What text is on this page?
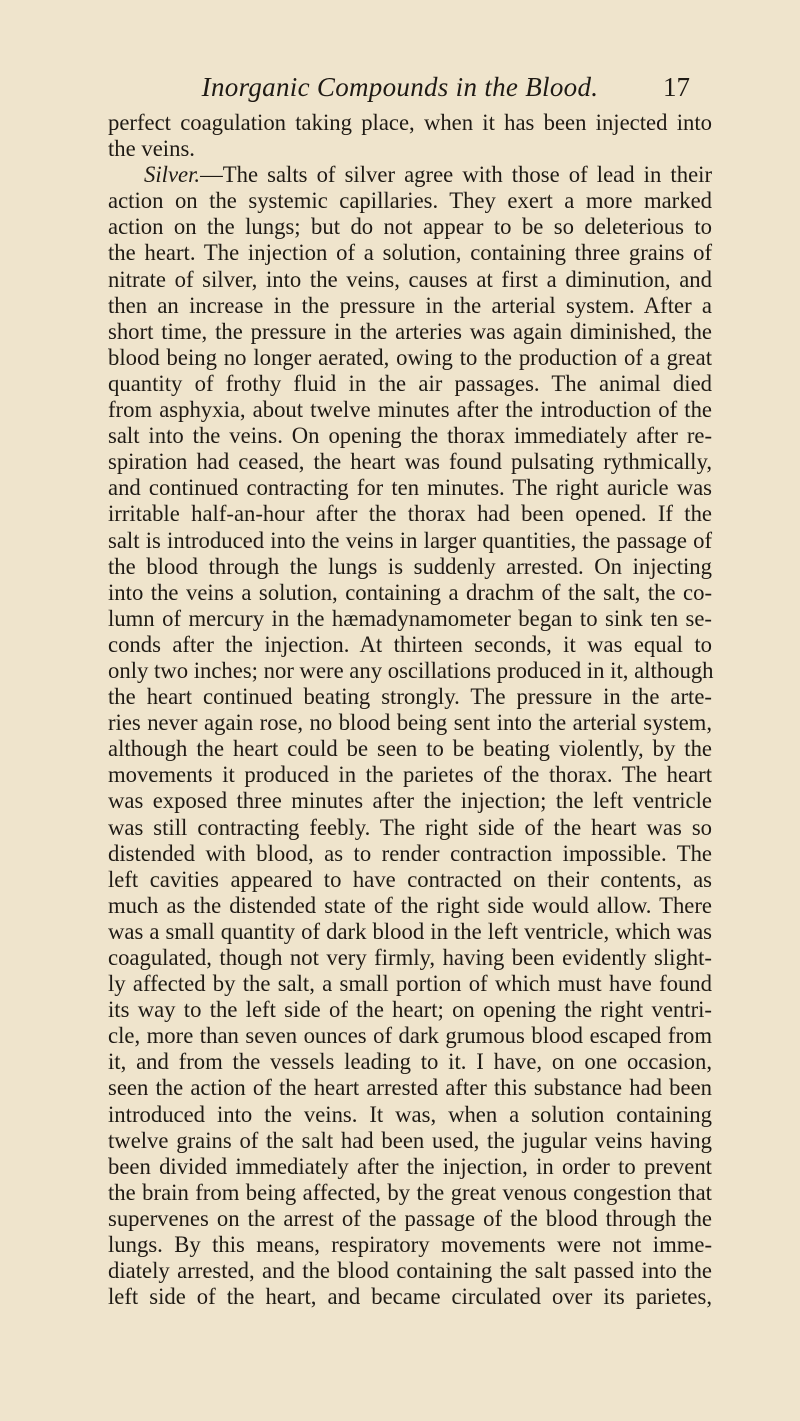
Inorganic Compounds in the Blood.	17
perfect coagulation taking place, when it has been injected into
the veins.
Silver.—The salts of silver agree with those of lead in their
action on the systemic capillaries. They exert a more marked
action on the lungs; but do not appear to be so deleterious to
the heart. The injection of a solution, containing three grains of
nitrate of silver, into the veins, causes at first a diminution, and
then an increase in the pressure in the arterial system. After a
short time, the pressure in the arteries was again diminished, the
blood being no longer aerated, owing to the production of a great
quantity of frothy fluid in the air passages. The animal died
from asphyxia, about twelve minutes after the introduction of the
salt into the veins. On opening the thorax immediately after re-
spiration had ceased, the heart was found pulsating rythmically,
and continued contracting for ten minutes. The right auricle was
irritable half-an-hour after the thorax had been opened. If the
salt is introduced into the veins in larger quantities, the passage of
the blood through the lungs is suddenly arrested. On injecting
into the veins a solution, containing a drachm of the salt, the co-
lumn of mercury in the hæmadynamometer began to sink ten se-
conds after the injection. At thirteen seconds, it was equal to
only two inches; nor were any oscillations produced in it, although
the heart continued beating strongly. The pressure in the arte-
ries never again rose, no blood being sent into the arterial system,
although the heart could be seen to be beating violently, by the
movements it produced in the parietes of the thorax. The heart
was exposed three minutes after the injection; the left ventricle
was still contracting feebly. The right side of the heart was so
distended with blood, as to render contraction impossible. The
left cavities appeared to have contracted on their contents, as
much as the distended state of the right side would allow. There
was a small quantity of dark blood in the left ventricle, which was
coagulated, though not very firmly, having been evidently slight-
ly affected by the salt, a small portion of which must have found
its way to the left side of the heart; on opening the right ventri-
cle, more than seven ounces of dark grumous blood escaped from
it, and from the vessels leading to it. I have, on one occasion,
seen the action of the heart arrested after this substance had been
introduced into the veins. It was, when a solution containing
twelve grains of the salt had been used, the jugular veins having
been divided immediately after the injection, in order to prevent
the brain from being affected, by the great venous congestion that
supervenes on the arrest of the passage of the blood through the
lungs. By this means, respiratory movements were not imme-
diately arrested, and the blood containing the salt passed into the
left side of the heart, and became circulated over its parietes,
